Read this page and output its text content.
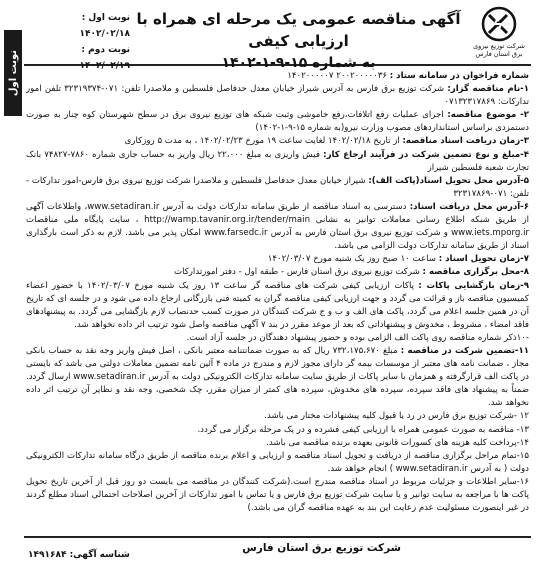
نوبت اول
نوبت اول : ۱۴۰۲/۰۲/۱۸
نوبت دوم : ۱۴۰۲/۰۲/۱۹
آگهی مناقصه عمومی یک مرحله ای همراه با ارزیابی کیفی
به شماره ۱۵-۹-۱-۱۴۰۲
شرکت توزیع نیروی برق استان فارس

شماره فراخوان در سامانه ستاد : ۲۰۰۲۰۰۰۰۰۳۶ ۱۴۰۲۰۰۰۰۰۷

۱-نام مناقصه گزار: شرکت توزیع برق فارس به آدرس شیراز خیابان معدل حدفاصل فلسطین و ملاصدرا تلفن: ۰۷۱-۳۲۳۱۹۳۷۴ تلفن امور تدارکات: ۰۷۱۳۲۳۱۷۸۶۹

۲- موضوع مناقصه: اجرای عملیات رفع اتلافات،رفع خاموشی وثبت شبکه های توزیع نیروی برق در سطح شهرستان کوه چنار به صورت دستمزدی براساس استانداردهای مصوب وزارت نیرو(به شماره ۱۵-۹-۱-۱۴۰۲)

۳-زمان دریافت اسناد مناقصه: از تاریخ ۱۴۰۲/۰۲/۱۸ لغایت ساعت ۱۹ مورخ ۱۴۰۲/۰۲/۲۳ ، به مدت ۵ روزکاری

۴-مبلغ و نوع تضمین شرکت در فرآیند ارجاع کار: فیش واریزی به مبلغ ۲۲،۰۰۰ ریال واریز به حساب جاری شماره ۷۸۶۰-۷۴۸۲۷ بانک تجارت شعبه فلسطین شیراز

۵-آدرس محل تحویل اسناد(پاکت الف): شیراز خیابان معدل حدفاصل فلسطین و ملاصدرا شرکت توزیع نیروی برق فارس-امور تدارکات - تلفن: ۰۷۱-۳۲۳۱۷۸۶۹

۶-آدرس محل دریافت اسناد: دسترسی به اسناد مناقصه از طریق سامانه تدارکات دولت به آدرس www.setadiran.ir، واطلاعات آگهی از طریق شبکه اطلاع رسانی معاملات توانیر به نشانی http://wamp.tavanir.org.ir/tender/main ، سایت پایگاه ملی مناقصات www.iets.mporg.ir و شرکت توزیع نیروی برق استان فارس به آدرس www.farsedc.ir امکان پذیر می باشد. لازم به ذکر است بارگذاری اسناد از طریق سامانه تدارکات دولت الزامی می باشد.

۷-زمان تحویل اسناد : ساعت ۱۰ صبح روز یک شنبه مورخ ۱۴۰۲/۰۳/۰۷

۸-محل برگزاری مناقصه : شرکت توزیع نیروی برق استان فارس - طبقه اول - دفتر امورتدارکات

۹-زمان بازگشایی پاکات : پاکات ارزیابی کیفی شرکت های مناقصه گر ساعت ۱۳ روز یک شنبه مورخ ۱۴۰۲/۰۳/۰۷ با حضور اعضاء کمیسیون مناقصه باز و قرائت می گردد و جهت ارزیابی کیفی مناقصه گران به کمیته فنی بازرگانی ارجاع داده می شود و در جلسه ای که تاریخ آن در همین جلسه اعلام می گردد، پاکت های الف و ب و ج شرکت کنندگان در صورت کسب حدنصاب لازم بازگشایی می گردد. به پیشنهادهای فاقد امضاء ، مشروط ، مخدوش و پیشنهاداتی که بعد از موعد مقرر در بند ۷ آگهی مناقصه واصل شود ترتیب اثر داده نخواهد شد.

-۱۰ذکر شماره مناقصه روی پاکت الف الزامی بوده و حضور پیشنهاد دهندگان در جلسه آزاد است.

۱۱-تضمین شرکت در مناقصه : مبلغ ۷۳۲،۱۷۵،۶۷۰ ریال که به صورت ضمانتنامه معتبر بانکی ، اصل فیش واریز وجه نقد به حساب بانکی مجاز ، ضمانت نامه های معتبر از موسسات بیمه گر دارای مجوز لازم و مندرج در ماده ۴ آئین نامه تضمین معاملات دولتی می باشد که بایستی در پاکت الف قرارگرفته و همزمان با سایر پاکات از طریق سایت سامانه تدارکات الکترونیکی دولت به آدرس www.setadiran.ir ارسال گردد. ضمناً به پیشنهاد های فاقد سپرده، سپرده های مخدوش، سپرده های کمتر از میزان مقرر، چک شخصی، وجه نقد و نظایر آن ترتیب اثر داده نخواهد شد.

۱۲ -شرکت توزیع برق فارس در رد یا قبول کلیه پیشنهادات مختار می باشد.

۱۳- مناقصه به صورت عمومی همراه با ارزیابی کیفی فشرده و در یک مرحله برگزار می گردد.

۱۴-پرداخت کلیه هزینه های کسورات قانونی بعهده برنده مناقصه می باشد.

۱۵-تمام مراحل برگزاری مناقصه از دریافت و تحویل اسناد مناقصه و ارزیابی و اعلام برنده مناقصه از طریق درگاه سامانه تدارکات الکترونیکی دولت ( به آدرس www.setadiran.ir ) انجام خواهد شد.

۱۶-سایر اطلاعات و جزئیات مربوط در اسناد مناقصه مندرج است.(شرکت کنندگان در مناقصه می بایست دو روز قبل از آخرین تاریخ تحویل پاکت ها با مراجعه به سایت توانیر و یا سایت شرکت توزیع برق فارس و یا تماس با امور تدارکات از آخرین اصلاحات احتمالی اسناد مطلع گردند در غیر اینصورت مسئولیت عدم رعایت این بند به عهده مناقصه گران می باشد.)

شرکت توزیع برق استان فارس
شناسه آگهی: ۱۴۹۱۶۸۴
